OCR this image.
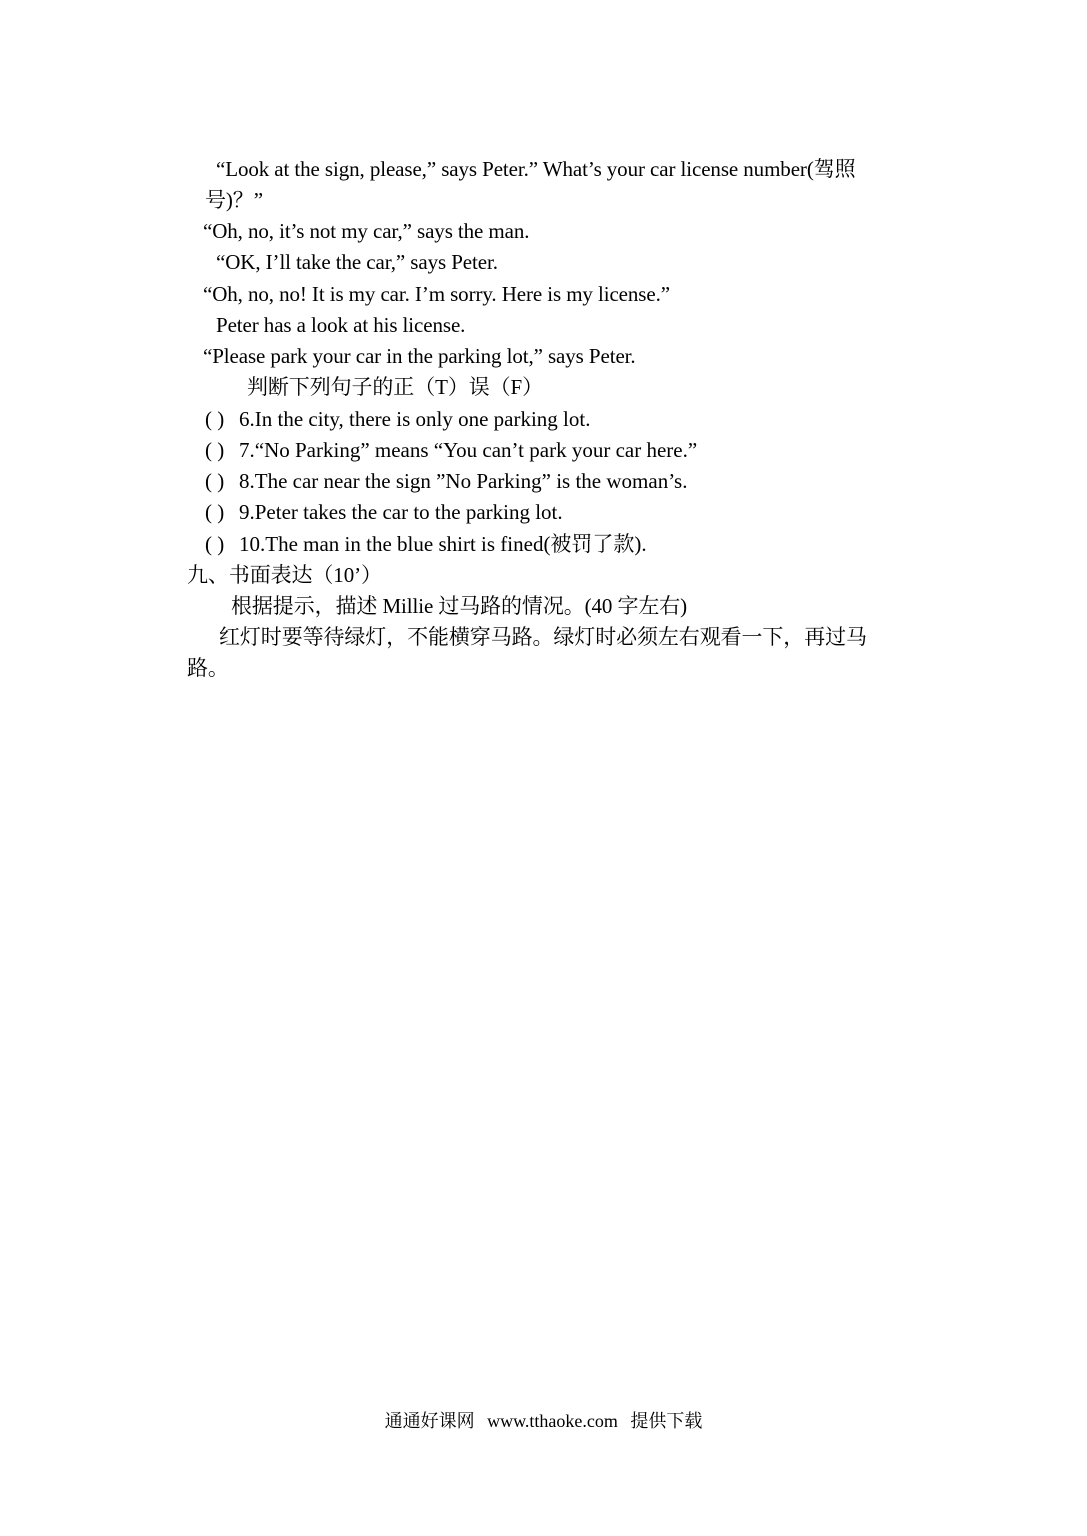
“Look at the sign, please,” says Peter.” What’s your car license number(驾照
号)？”
“Oh, no, it’s not my car,” says the man.
“OK, I’ll take the car,” says Peter.
“Oh, no, no! It is my car. I’m sorry. Here is my license.”
Peter has a look at his license.
“Please park your car in the parking lot,” says Peter.
判断下列句子的正（T）误（F）
( ) 6.In the city, there is only one parking lot.
( ) 7.“No Parking” means “You can’t park your car here.”
( ) 8.The car near the sign ”No Parking” is the woman’s.
( ) 9.Peter takes the car to the parking lot.
( ) 10.The man in the blue shirt is fined(被罚了款).
九、书面表达（10’）
根据提示，描述 Millie 过马路的情况。(40 字左右)
红灯时要等待绿灯，不能横穿马路。绿灯时必须左右观看一下，再过马
路。
通通好课网 www.tthaoke.com 提供下载
